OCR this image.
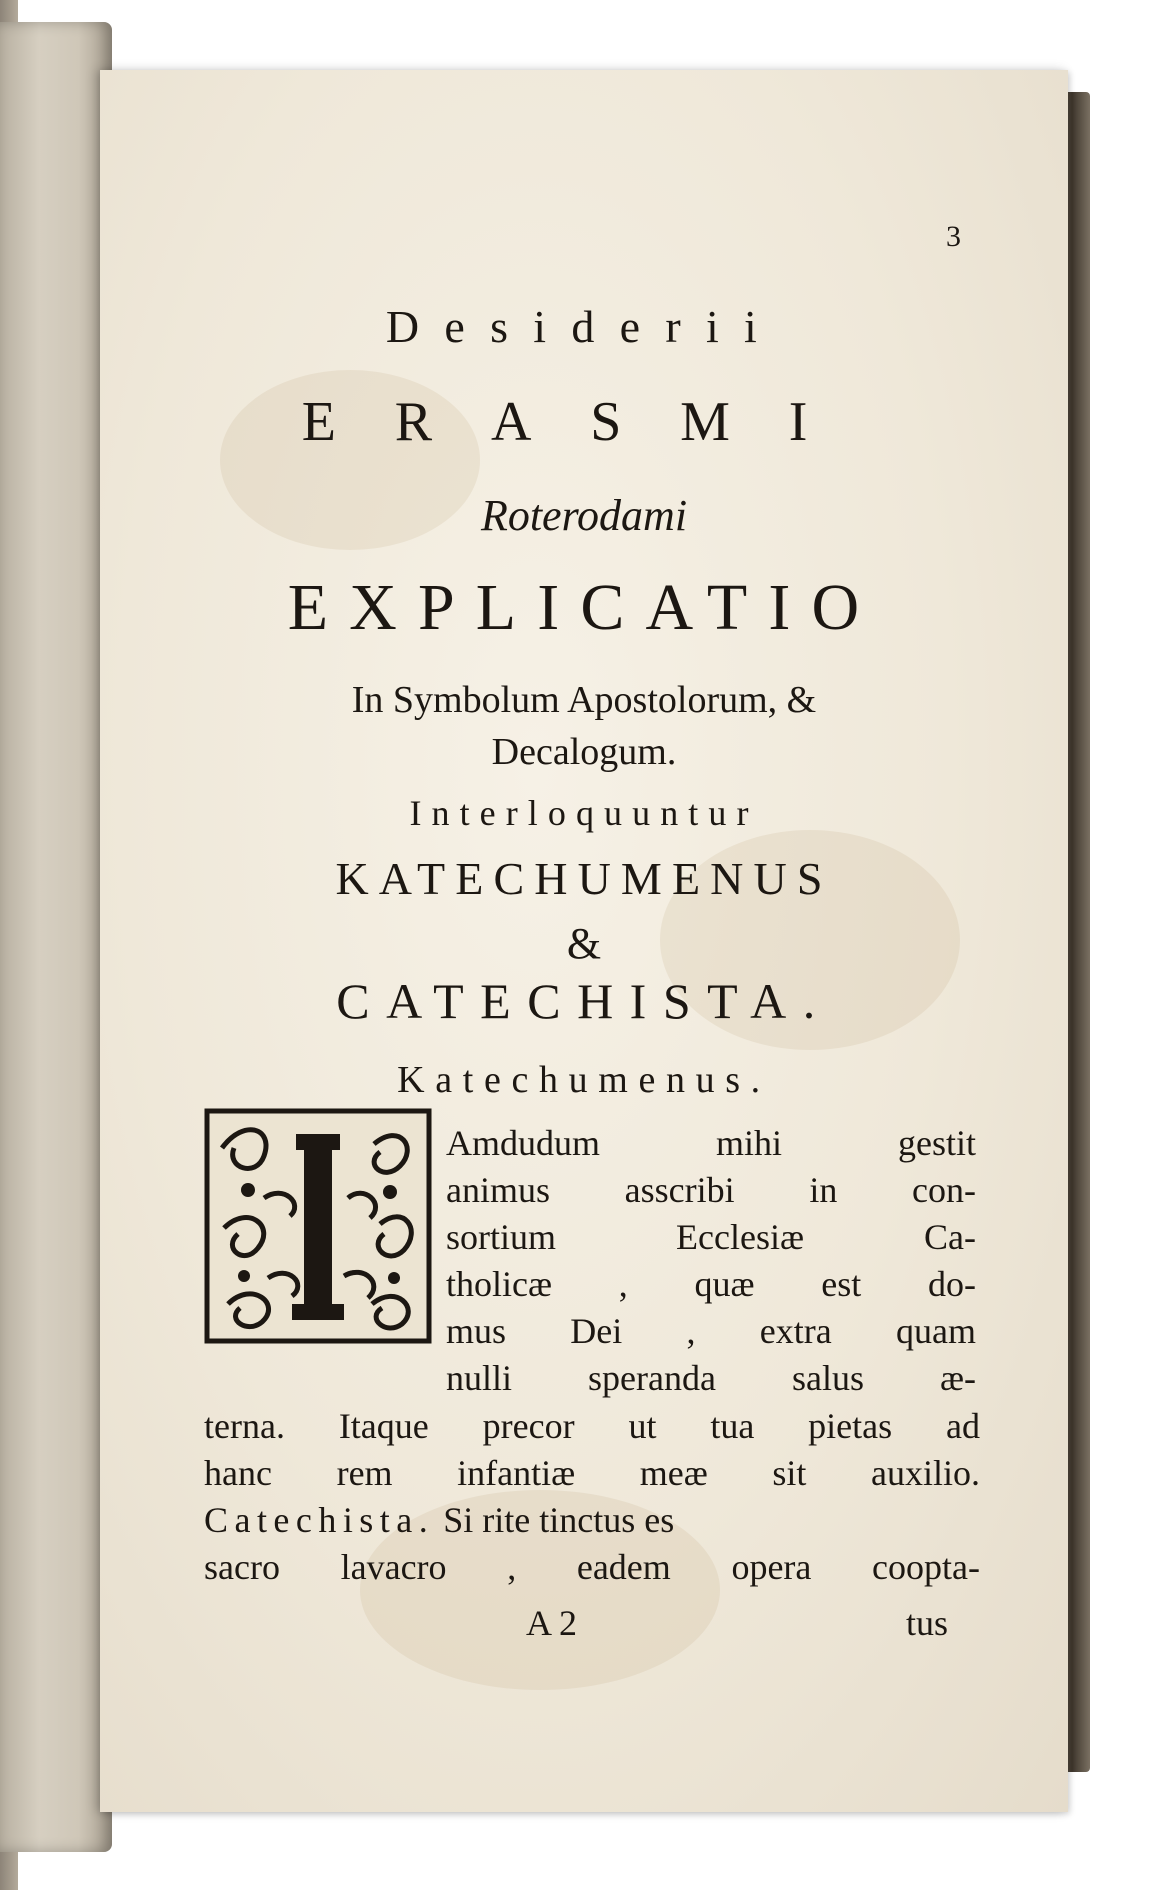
3
Desiderii
ERASMI
Roterodami
EXPLICATIO
In Symbolum Apostolorum, &
Decalogum.
Interloquuntur
KATECHUMENUS
&
CATECHISTA.
Katechumenus.
Amdudum mihi gestit
animus asscribi in con-
sortium Ecclesiæ Ca-
tholicæ , quæ est do-
mus Dei , extra quam
nulli speranda salus æ-
terna. Itaque precor ut tua pietas ad
hanc rem infantiæ meæ sit auxilio.
Catechista. Si rite tinctus es
sacro lavacro , eadem opera coopta-
A 2	tus
